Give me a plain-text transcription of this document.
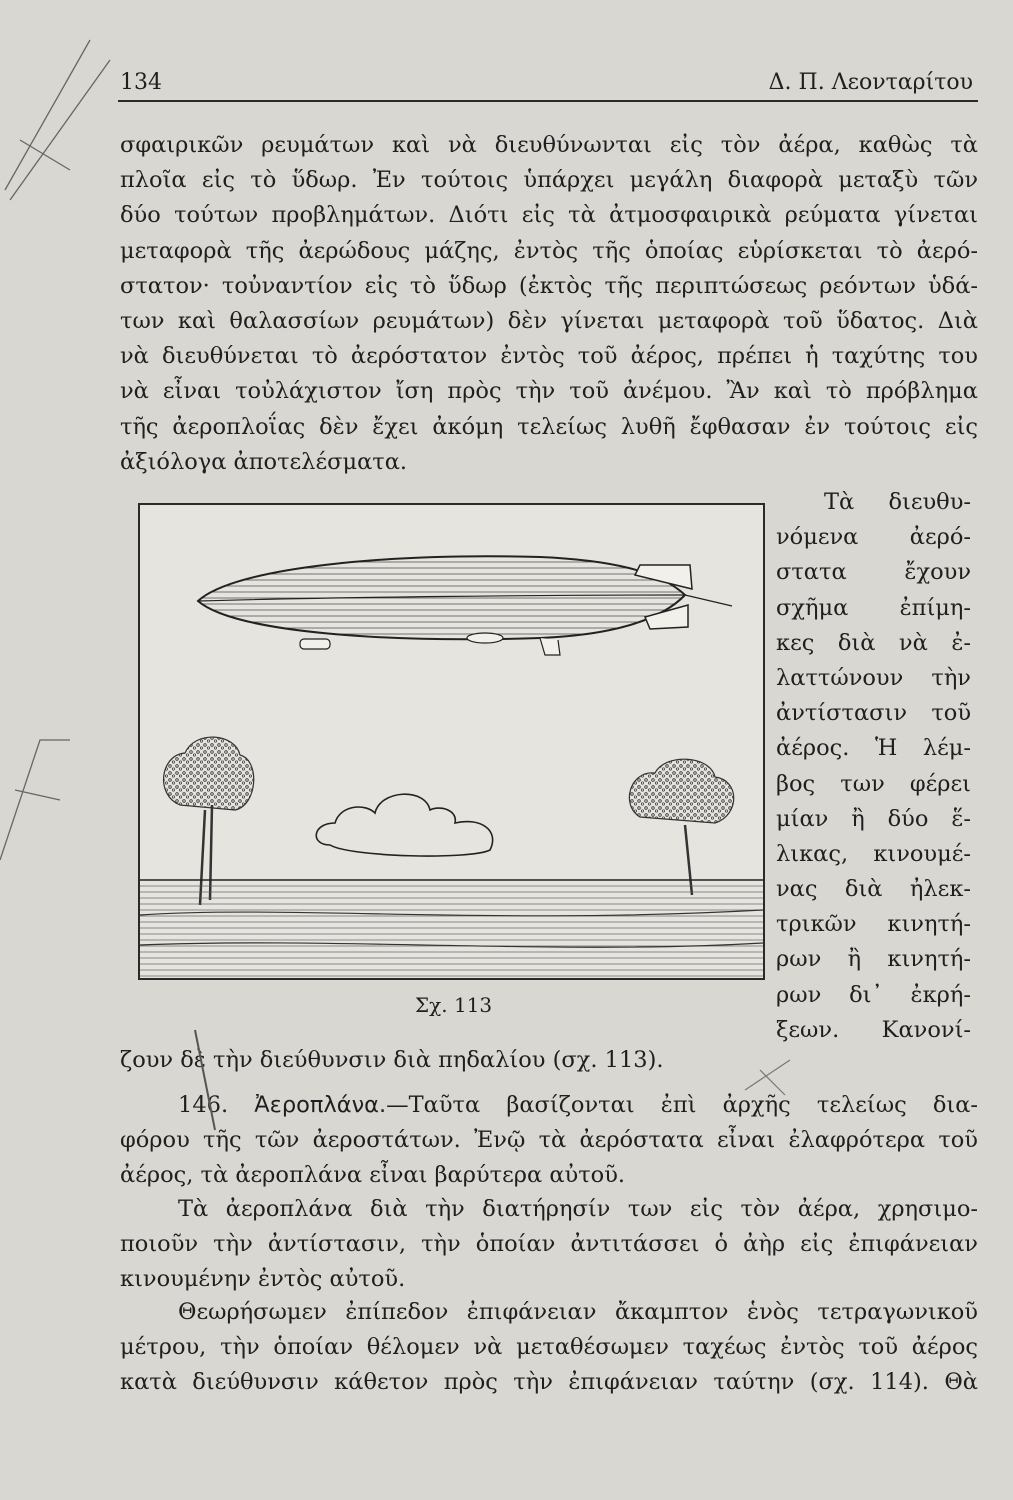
134	Δ. Π. Λεονταρίτου
σφαιρικῶν ρευμάτων καὶ νὰ διευθύνωνται εἰς τὸν ἀέρα, καθὼς τὰ
πλοῖα εἰς τὸ ὕδωρ. Ἐν τούτοις ὑπάρχει μεγάλη διαφορὰ μεταξὺ τῶν
δύο τούτων προβλημάτων. Διότι εἰς τὰ ἀτμοσφαιρικὰ ρεύματα γίνεται
μεταφορὰ τῆς ἀερώδους μάζης, ἐντὸς τῆς ὁποίας εὑρίσκεται τὸ ἀερό-
στατον· τοὐναντίον εἰς τὸ ὕδωρ (ἐκτὸς τῆς περιπτώσεως ρεόντων ὑδά-
των καὶ θαλασσίων ρευμάτων) δὲν γίνεται μεταφορὰ τοῦ ὕδατος. Διὰ
νὰ διευθύνεται τὸ ἀερόστατον ἐντὸς τοῦ ἀέρος, πρέπει ἡ ταχύτης του
νὰ εἶναι τοὐλάχιστον ἴση πρὸς τὴν τοῦ ἀνέμου. Ἂν καὶ τὸ πρόβλημα
τῆς ἀεροπλοΐας δὲν ἔχει ἀκόμη τελείως λυθῆ ἔφθασαν ἐν τούτοις εἰς
ἀξιόλογα ἀποτελέσματα.
Τὰ διευθυ-
νόμενα ἀερό-
στατα ἔχουν
σχῆμα ἐπίμη-
κες διὰ νὰ ἐ-
λαττώνουν τὴν
ἀντίστασιν τοῦ
ἀέρος. Ἡ λέμ-
βος των φέρει
μίαν ἢ δύο ἕ-
λικας, κινουμέ-
νας διὰ ἠλεκ-
τρικῶν κινητή-
ρων ἢ κινητή-
ρων δι᾽ ἐκρή-
ξεων. Κανονί-
Σχ. 113
ζουν δὲ τὴν διεύθυνσιν διὰ πηδαλίου (σχ. 113).
146. Ἀεροπλάνα.—Ταῦτα βασίζονται ἐπὶ ἀρχῆς τελείως δια-
φόρου τῆς τῶν ἀεροστάτων. Ἐνῷ τὰ ἀερόστατα εἶναι ἐλαφρότερα τοῦ
ἀέρος, τὰ ἀεροπλάνα εἶναι βαρύτερα αὐτοῦ.
Τὰ ἀεροπλάνα διὰ τὴν διατήρησίν των εἰς τὸν ἀέρα, χρησιμο-
ποιοῦν τὴν ἀντίστασιν, τὴν ὁποίαν ἀντιτάσσει ὁ ἀὴρ εἰς ἐπιφάνειαν
κινουμένην ἐντὸς αὐτοῦ.
Θεωρήσωμεν ἐπίπεδον ἐπιφάνειαν ἄκαμπτον ἑνὸς τετραγωνικοῦ
μέτρου, τὴν ὁποίαν θέλομεν νὰ μεταθέσωμεν ταχέως ἐντὸς τοῦ ἀέρος
κατὰ διεύθυνσιν κάθετον πρὸς τὴν ἐπιφάνειαν ταύτην (σχ. 114). Θὰ
